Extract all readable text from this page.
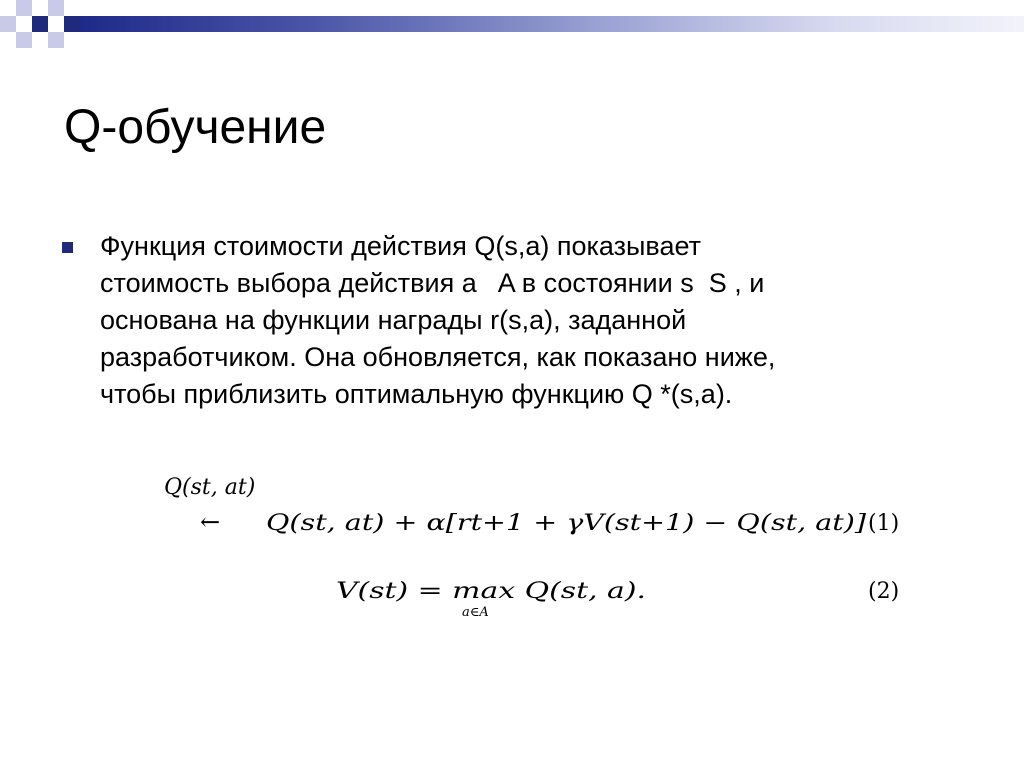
Q-обучение
Функция стоимости действия Q(s,a) показывает
стоимость выбора действия a   A в состоянии s  S , и
основана на функции награды r(s,a), заданной
разработчиком. Она обновляется, как показано ниже,
чтобы приблизить оптимальную функцию Q *(s,a).
Q(st, at)
← Q(st, at) + α[rt+1 + γV(st+1) − Q(st, at)] (1)
V(st) = max Q(st, a).
a∈A
(2)
